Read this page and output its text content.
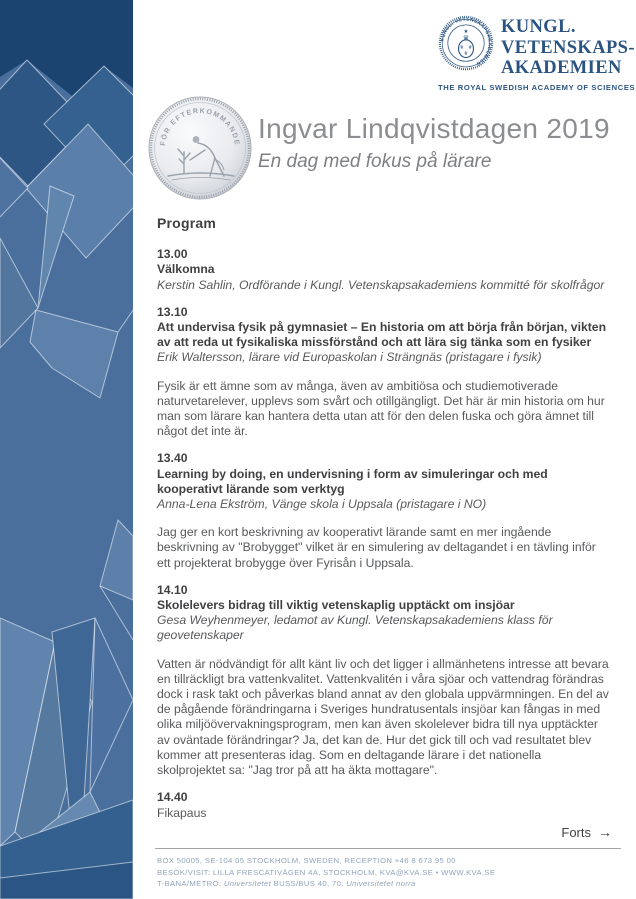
KUNGL. VETENSKAPSAKADEMIEN
★
♛
♛ ♛
♛
KUNGL.
VETENSKAPS-
AKADEMIEN
THE ROYAL SWEDISH ACADEMY OF SCIENCES
FÖR EFTERKOMMANDE Ingvar Lindqvistdagen 2019
En dag med fokus på lärare
Program
13.00
Välkomna
Kerstin Sahlin, Ordförande i Kungl. Vetenskapsakademiens kommitté för skolfrågor
13.10
Att undervisa fysik på gymnasiet – En historia om att börja från början, vikten av att reda ut fysikaliska missförstånd och att lära sig tänka som en fysiker
Erik Waltersson, lärare vid Europaskolan i Strängnäs (pristagare i fysik)
Fysik är ett ämne som av många, även av ambitiösa och studiemotiverade naturvetarelever, upplevs som svårt och otillgängligt. Det här är min historia om hur man som lärare kan hantera detta utan att för den delen fuska och göra ämnet till något det inte är.
13.40
Learning by doing, en undervisning i form av simuleringar och med kooperativt lärande som verktyg
Anna-Lena Ekström, Vänge skola i Uppsala (pristagare i NO)
Jag ger en kort beskrivning av kooperativt lärande samt en mer ingående beskrivning av "Brobygget" vilket är en simulering av deltagandet i en tävling inför ett projekterat brobygge över Fyrisån i Uppsala.
14.10
Skolelevers bidrag till viktig vetenskaplig upptäckt om insjöar
Gesa Weyhenmeyer, ledamot av Kungl. Vetenskapsakademiens klass för geovetenskaper
Vatten är nödvändigt för allt känt liv och det ligger i allmänhetens intresse att bevara en tillräckligt bra vattenkvalitet. Vattenkvalitén i våra sjöar och vattendrag förändras dock i rask takt och påverkas bland annat av den globala uppvärmningen. En del av de pågående förändringarna i Sveriges hundratusentals insjöar kan fångas in med olika miljöövervakningsprogram, men kan även skolelever bidra till nya upptäckter av oväntade förändringar? Ja, det kan de. Hur det gick till och vad resultatet blev kommer att presenteras idag. Som en deltagande lärare i det nationella skolprojektet sa: "Jag tror på att ha äkta mottagare".
14.40
Fikapaus
Forts →
BOX 50005, SE-104 05 STOCKHOLM, SWEDEN, RECEPTION +46 8 673 95 00
BESÖK/VISIT: LILLA FRESCATIVÄGEN 4A, STOCKHOLM, KVA@KVA.SE • WWW.KVA.SE
T-BANA/METRO: Universitetet BUSS/BUS 40, 70: Universitetet norra
